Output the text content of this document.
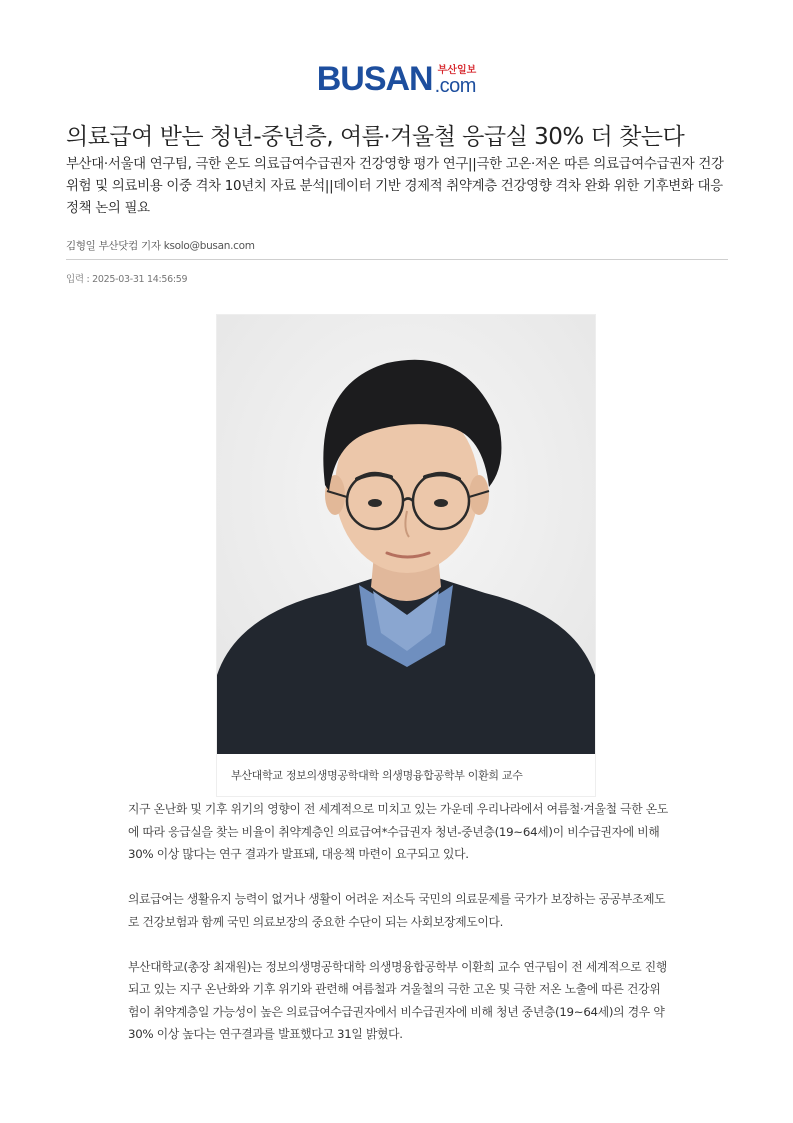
BUSAN 부산일보
.com
의료급여 받는 청년-중년층, 여름·겨울철 응급실 30% 더 찾는다

부산대·서울대 연구팀, 극한 온도 의료급여수급권자 건강영향 평가 연구||극한 고온·저온 따른 의료급여수급권자 건강 위험 및 의료비용 이중 격차 10년치 자료 분석||데이터 기반 경제적 취약계층 건강영향 격차 완화 위한 기후변화 대응 정책 논의 필요

김형일 부산닷컴 기자 ksolo@busan.com
입력 : 2025-03-31 14:56:59
부산대학교 정보의생명공학대학 의생명융합공학부 이환희 교수

지구 온난화 및 기후 위기의 영향이 전 세계적으로 미치고 있는 가운데 우리나라에서 여름철·겨울철 극한 온도에 따라 응급실을 찾는 비율이 취약계층인 의료급여*수급권자 청년-중년층(19~64세)이 비수급권자에 비해 30% 이상 많다는 연구 결과가 발표돼, 대응책 마련이 요구되고 있다.

의료급여는 생활유지 능력이 없거나 생활이 어려운 저소득 국민의 의료문제를 국가가 보장하는 공공부조제도로 건강보험과 함께 국민 의료보장의 중요한 수단이 되는 사회보장제도이다.

부산대학교(총장 최재원)는 정보의생명공학대학 의생명융합공학부 이환희 교수 연구팀이 전 세계적으로 진행되고 있는 지구 온난화와 기후 위기와 관련해 여름철과 겨울철의 극한 고온 및 극한 저온 노출에 따른 건강위험이 취약계층일 가능성이 높은 의료급여수급권자에서 비수급권자에 비해 청년 중년층(19~64세)의 경우 약 30% 이상 높다는 연구결과를 발표했다고 31일 밝혔다.
